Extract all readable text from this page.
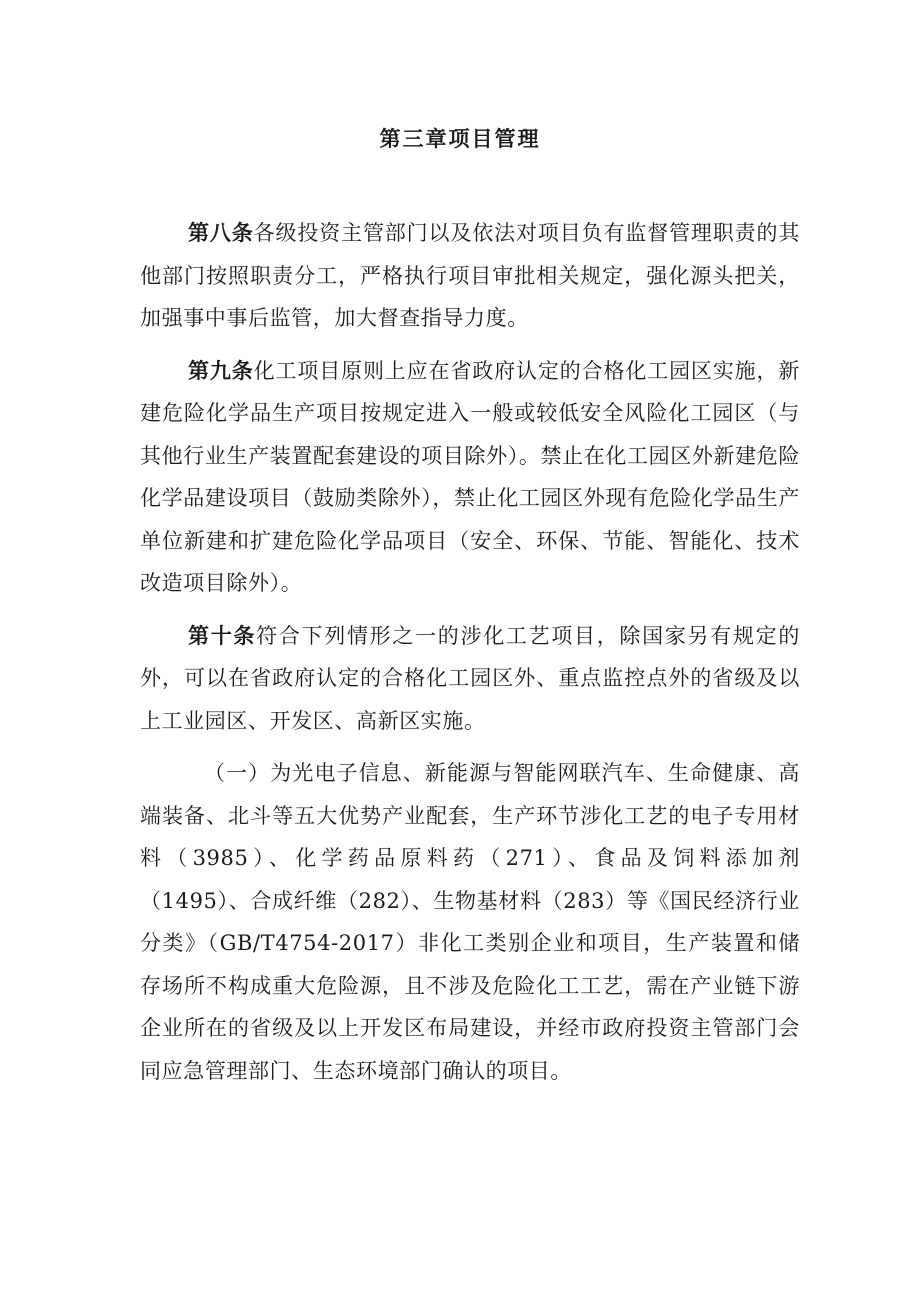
第三章项目管理

第八条各级投资主管部门以及依法对项目负有监督管理职责的其他部门按照职责分工，严格执行项目审批相关规定，强化源头把关，加强事中事后监管，加大督查指导力度。

第九条化工项目原则上应在省政府认定的合格化工园区实施，新建危险化学品生产项目按规定进入一般或较低安全风险化工园区（与其他行业生产装置配套建设的项目除外）。禁止在化工园区外新建危险化学品建设项目（鼓励类除外），禁止化工园区外现有危险化学品生产单位新建和扩建危险化学品项目（安全、环保、节能、智能化、技术改造项目除外）。

第十条符合下列情形之一的涉化工艺项目，除国家另有规定的外，可以在省政府认定的合格化工园区外、重点监控点外的省级及以上工业园区、开发区、高新区实施。

（一）为光电子信息、新能源与智能网联汽车、生命健康、高端装备、北斗等五大优势产业配套，生产环节涉化工艺的电子专用材料（3985）、化学药品原料药（271）、食品及饲料添加剂（1495）、合成纤维（282）、生物基材料（283）等《国民经济行业分类》（GB/T4754-2017）非化工类别企业和项目，生产装置和储存场所不构成重大危险源，且不涉及危险化工工艺，需在产业链下游企业所在的省级及以上开发区布局建设，并经市政府投资主管部门会同应急管理部门、生态环境部门确认的项目。
